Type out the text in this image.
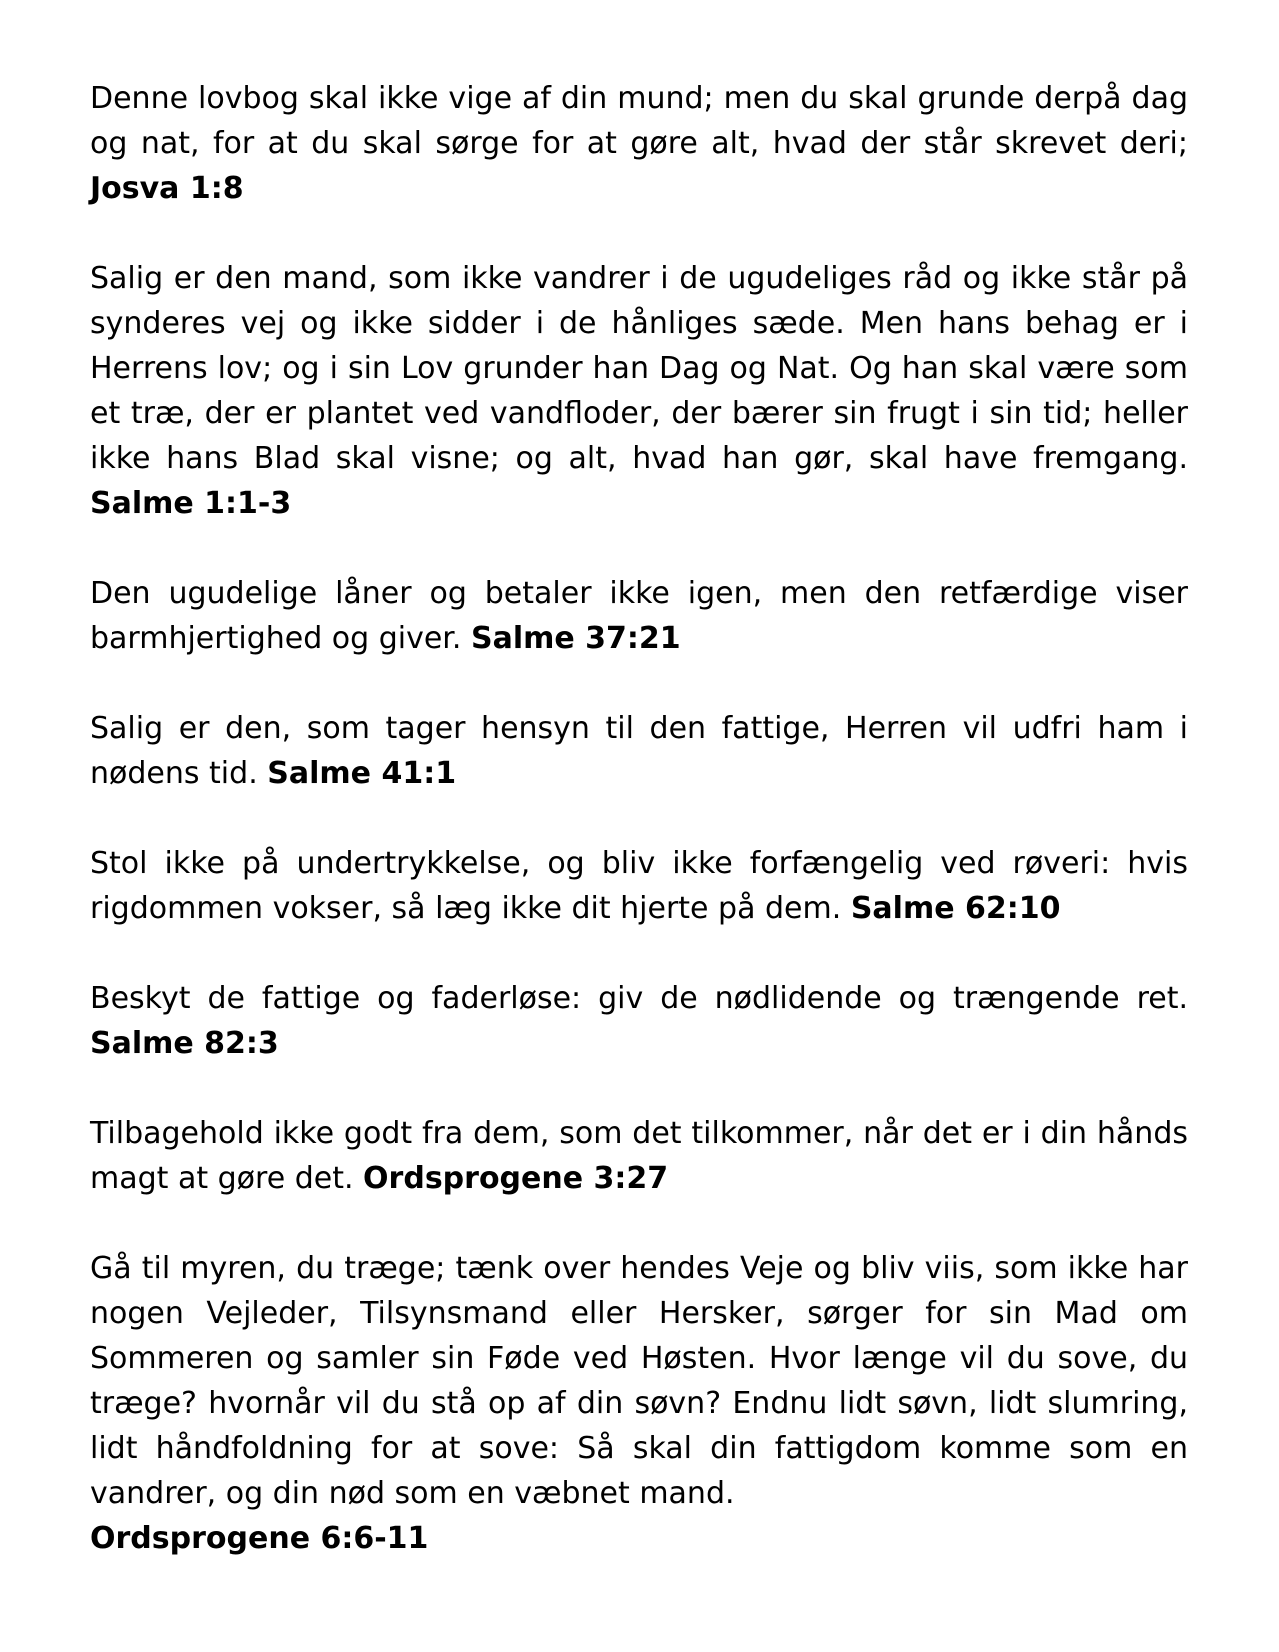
Denne lovbog skal ikke vige af din mund; men du skal grunde derpå dag og nat, for at du skal sørge for at gøre alt, hvad der står skrevet deri; Josva 1:8

Salig er den mand, som ikke vandrer i de ugudeliges råd og ikke står på synderes vej og ikke sidder i de hånliges sæde. Men hans behag er i Herrens lov; og i sin Lov grunder han Dag og Nat. Og han skal være som et træ, der er plantet ved vandfloder, der bærer sin frugt i sin tid; heller ikke hans Blad skal visne; og alt, hvad han gør, skal have fremgang. Salme 1:1-3

Den ugudelige låner og betaler ikke igen, men den retfærdige viser barmhjertighed og giver. Salme 37:21

Salig er den, som tager hensyn til den fattige, Herren vil udfri ham i nødens tid. Salme 41:1

Stol ikke på undertrykkelse, og bliv ikke forfængelig ved røveri: hvis rigdommen vokser, så læg ikke dit hjerte på dem. Salme 62:10

Beskyt de fattige og faderløse: giv de nødlidende og trængende ret. Salme 82:3

Tilbagehold ikke godt fra dem, som det tilkommer, når det er i din hånds magt at gøre det. Ordsprogene 3:27

Gå til myren, du træge; tænk over hendes Veje og bliv viis, som ikke har nogen Vejleder, Tilsynsmand eller Hersker, sørger for sin Mad om Sommeren og samler sin Føde ved Høsten. Hvor længe vil du sove, du træge? hvornår vil du stå op af din søvn? Endnu lidt søvn, lidt slumring, lidt håndfoldning for at sove: Så skal din fattigdom komme som en vandrer, og din nød som en væbnet mand.
Ordsprogene 6:6-11
